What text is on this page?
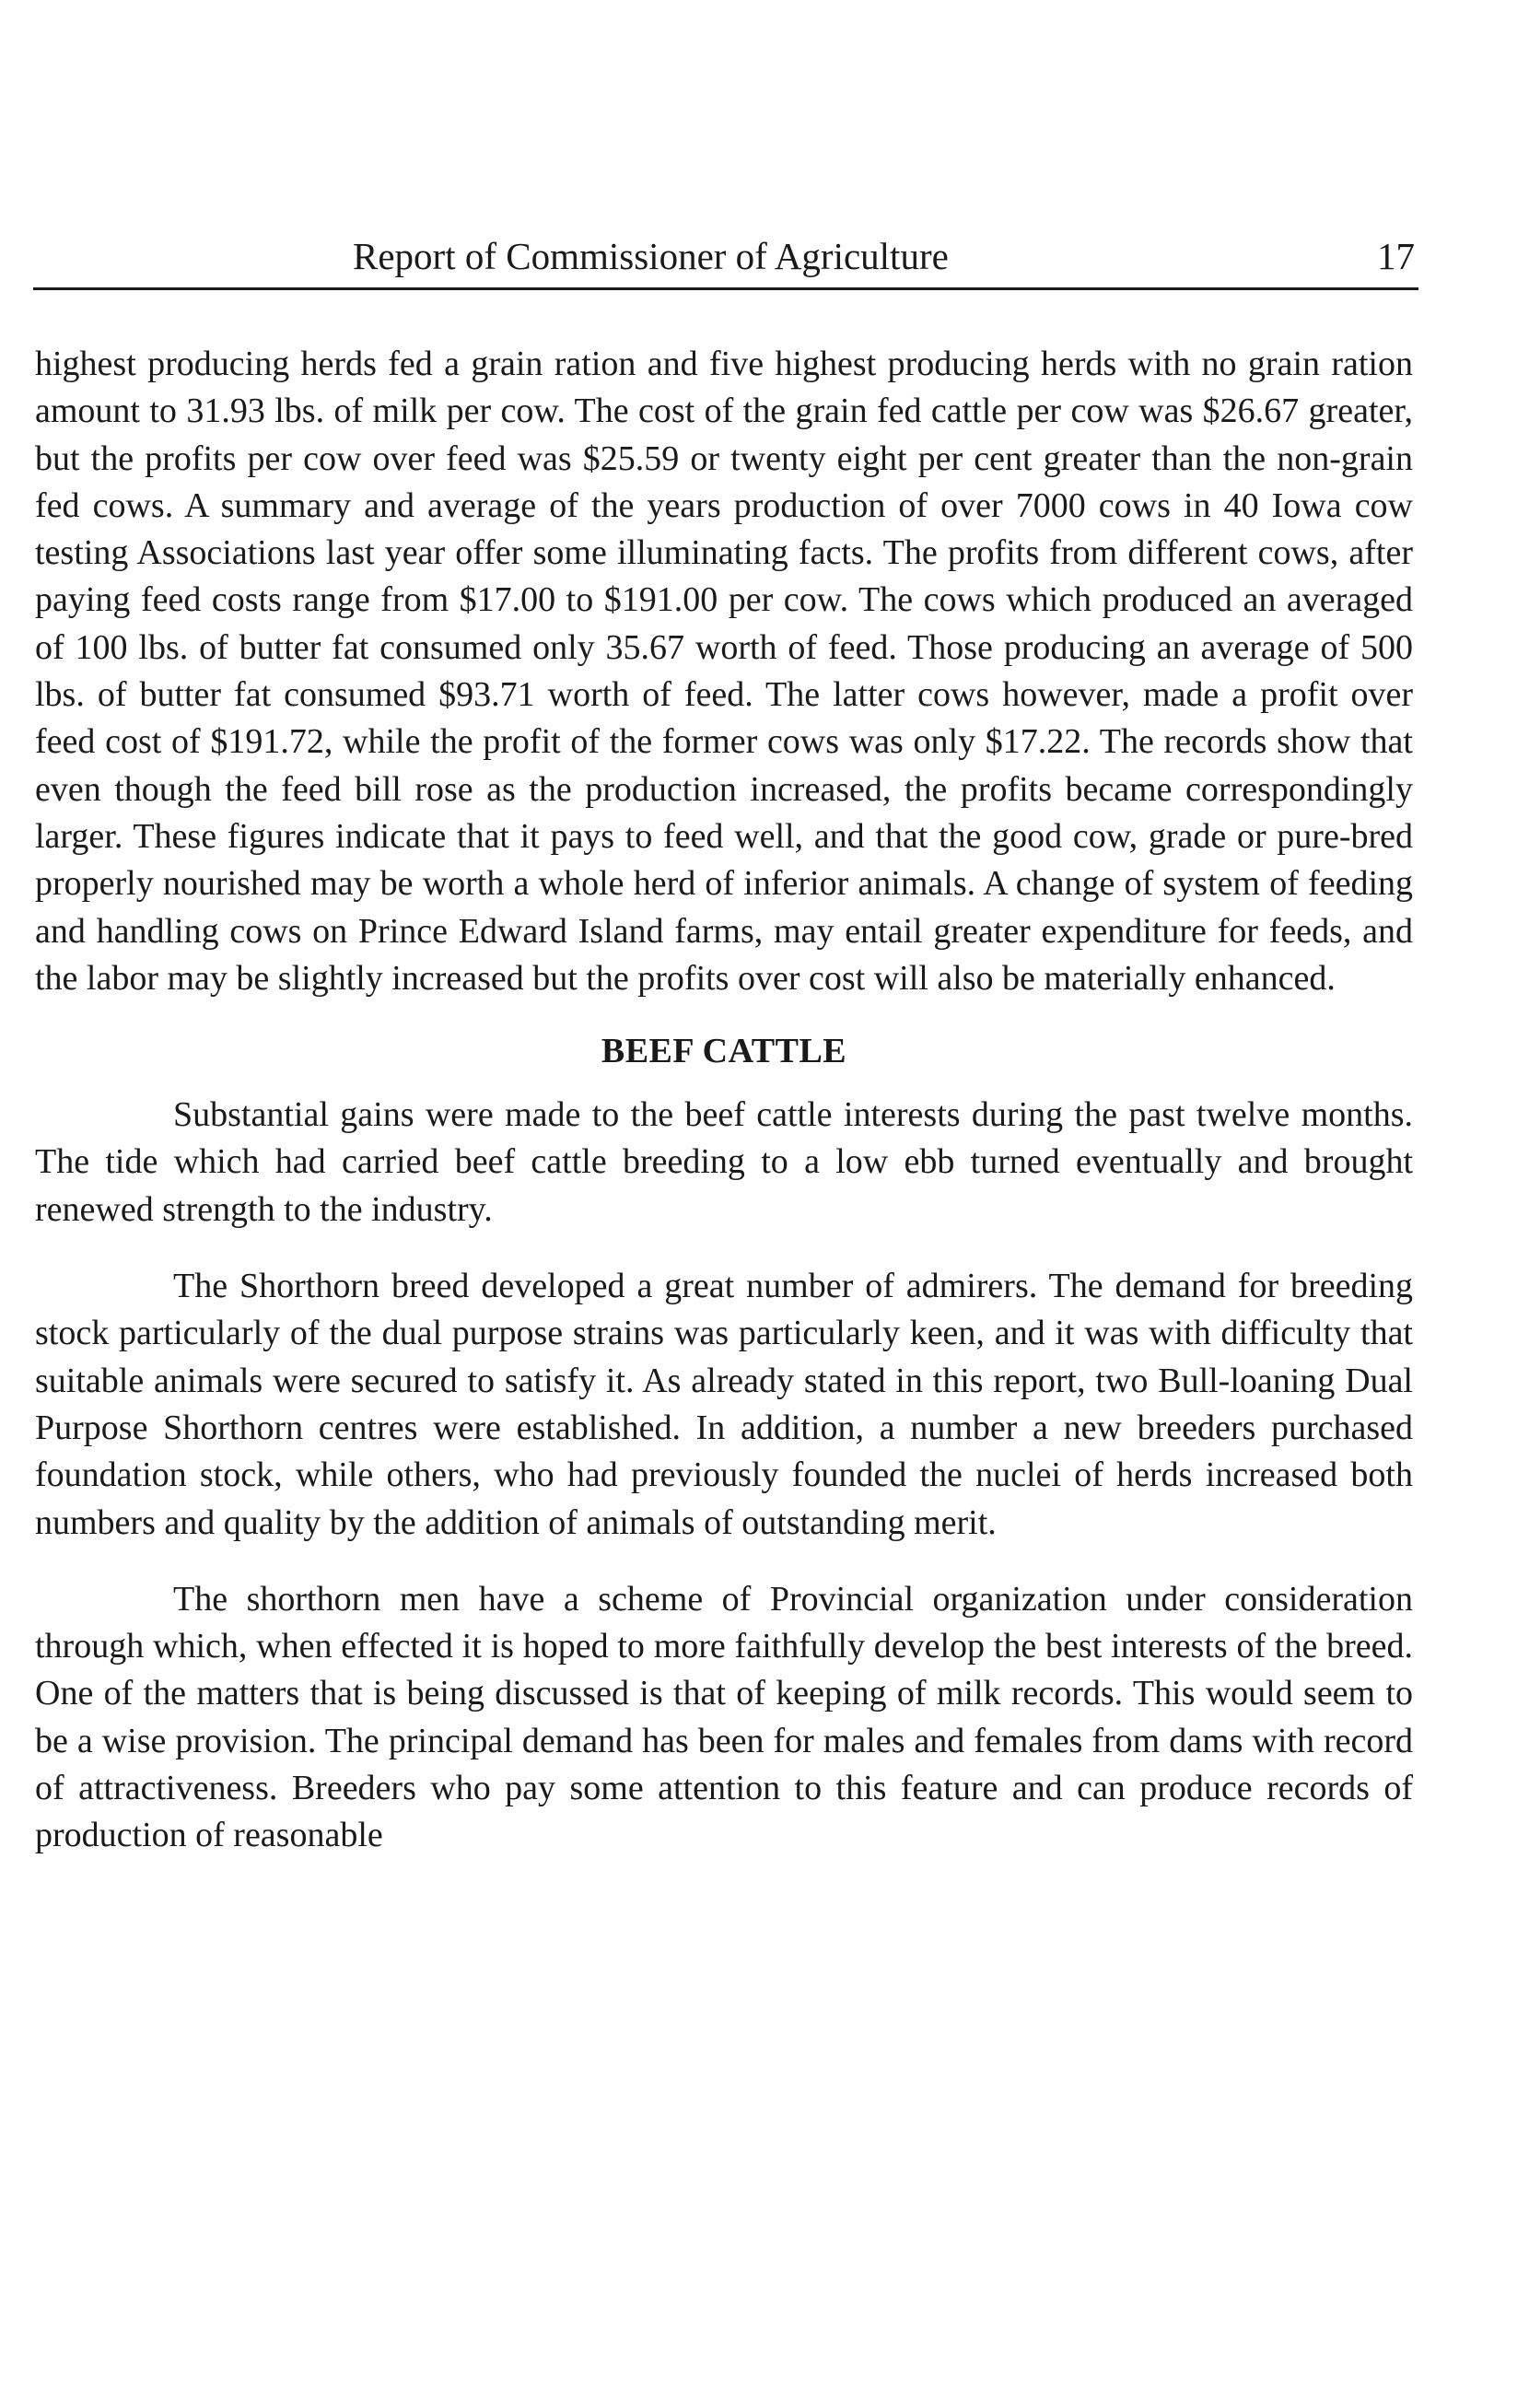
Report of Commissioner of Agriculture	17

highest producing herds fed a grain ration and five highest producing herds with no grain ration amount to 31.93 lbs. of milk per cow. The cost of the grain fed cattle per cow was $26.67 greater, but the profits per cow over feed was $25.59 or twenty eight per cent greater than the non-grain fed cows. A summary and average of the years production of over 7000 cows in 40 Iowa cow testing Associations last year offer some illuminating facts. The profits from different cows, after paying feed costs range from $17.00 to $191.00 per cow. The cows which produced an averaged of 100 lbs. of butter fat consumed only 35.67 worth of feed. Those producing an average of 500 lbs. of butter fat consumed $93.71 worth of feed. The latter cows however, made a profit over feed cost of $191.72, while the profit of the former cows was only $17.22. The records show that even though the feed bill rose as the production increased, the profits became correspondingly larger. These figures indicate that it pays to feed well, and that the good cow, grade or pure-bred properly nourished may be worth a whole herd of inferior animals. A change of system of feeding and handling cows on Prince Edward Island farms, may entail greater expenditure for feeds, and the labor may be slightly increased but the profits over cost will also be materially enhanced.

BEEF CATTLE

Substantial gains were made to the beef cattle interests during the past twelve months. The tide which had carried beef cattle breeding to a low ebb turned eventually and brought renewed strength to the industry.

The Shorthorn breed developed a great number of admirers. The demand for breeding stock particularly of the dual purpose strains was particularly keen, and it was with difficulty that suitable animals were secured to satisfy it. As already stated in this report, two Bull-loaning Dual Purpose Shorthorn centres were established. In addition, a number a new breeders purchased foundation stock, while others, who had previously founded the nuclei of herds increased both numbers and quality by the addition of animals of outstanding merit.

The shorthorn men have a scheme of Provincial organization under consideration through which, when effected it is hoped to more faithfully develop the best interests of the breed. One of the matters that is being discussed is that of keeping of milk records. This would seem to be a wise provision. The principal demand has been for males and females from dams with record of attractiveness. Breeders who pay some attention to this feature and can produce records of production of reasonable
